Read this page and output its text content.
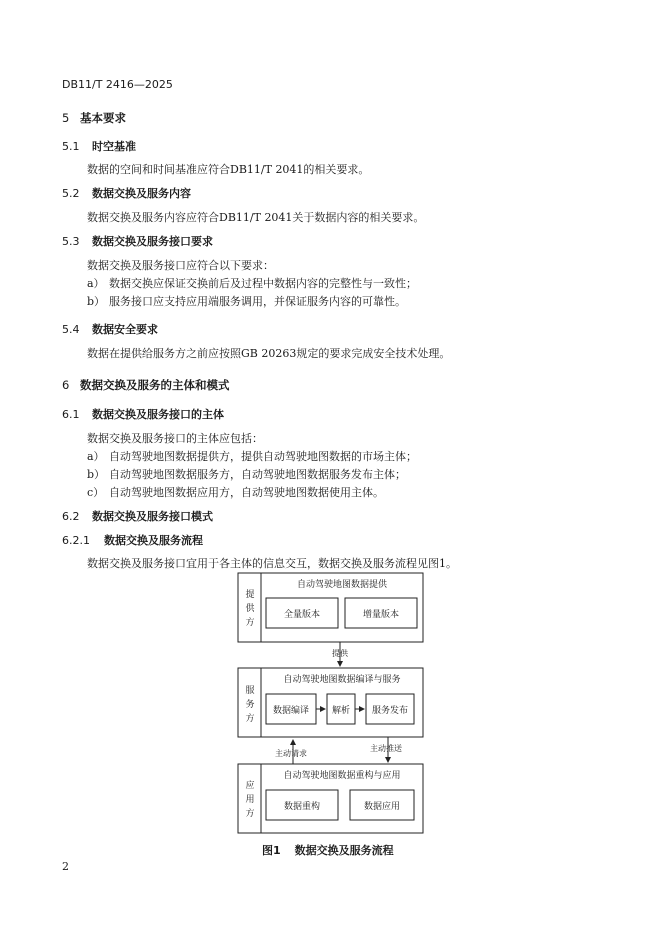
DB11/T 2416—2025
5 基本要求
5.1 时空基准
数据的空间和时间基准应符合DB11/T 2041的相关要求。
5.2 数据交换及服务内容
数据交换及服务内容应符合DB11/T 2041关于数据内容的相关要求。
5.3 数据交换及服务接口要求
数据交换及服务接口应符合以下要求：
a） 数据交换应保证交换前后及过程中数据内容的完整性与一致性；
b） 服务接口应支持应用端服务调用，并保证服务内容的可靠性。
5.4 数据安全要求
数据在提供给服务方之前应按照GB 20263规定的要求完成安全技术处理。
6 数据交换及服务的主体和模式
6.1 数据交换及服务接口的主体
数据交换及服务接口的主体应包括：
a） 自动驾驶地图数据提供方，提供自动驾驶地图数据的市场主体；
b） 自动驾驶地图数据服务方，自动驾驶地图数据服务发布主体；
c） 自动驾驶地图数据应用方，自动驾驶地图数据使用主体。
6.2 数据交换及服务接口模式
6.2.1 数据交换及服务流程
数据交换及服务接口宜用于各主体的信息交互，数据交换及服务流程见图1。
提
供
方
自动驾驶地图数据提供
全量版本	增量版本
提供
服
务
方
自动驾驶地图数据编译与服务
数据编译	解析	服务发布
主动请求
主动推送
应
用
方
自动驾驶地图数据重构与应用
数据重构	数据应用
图1 数据交换及服务流程
2
